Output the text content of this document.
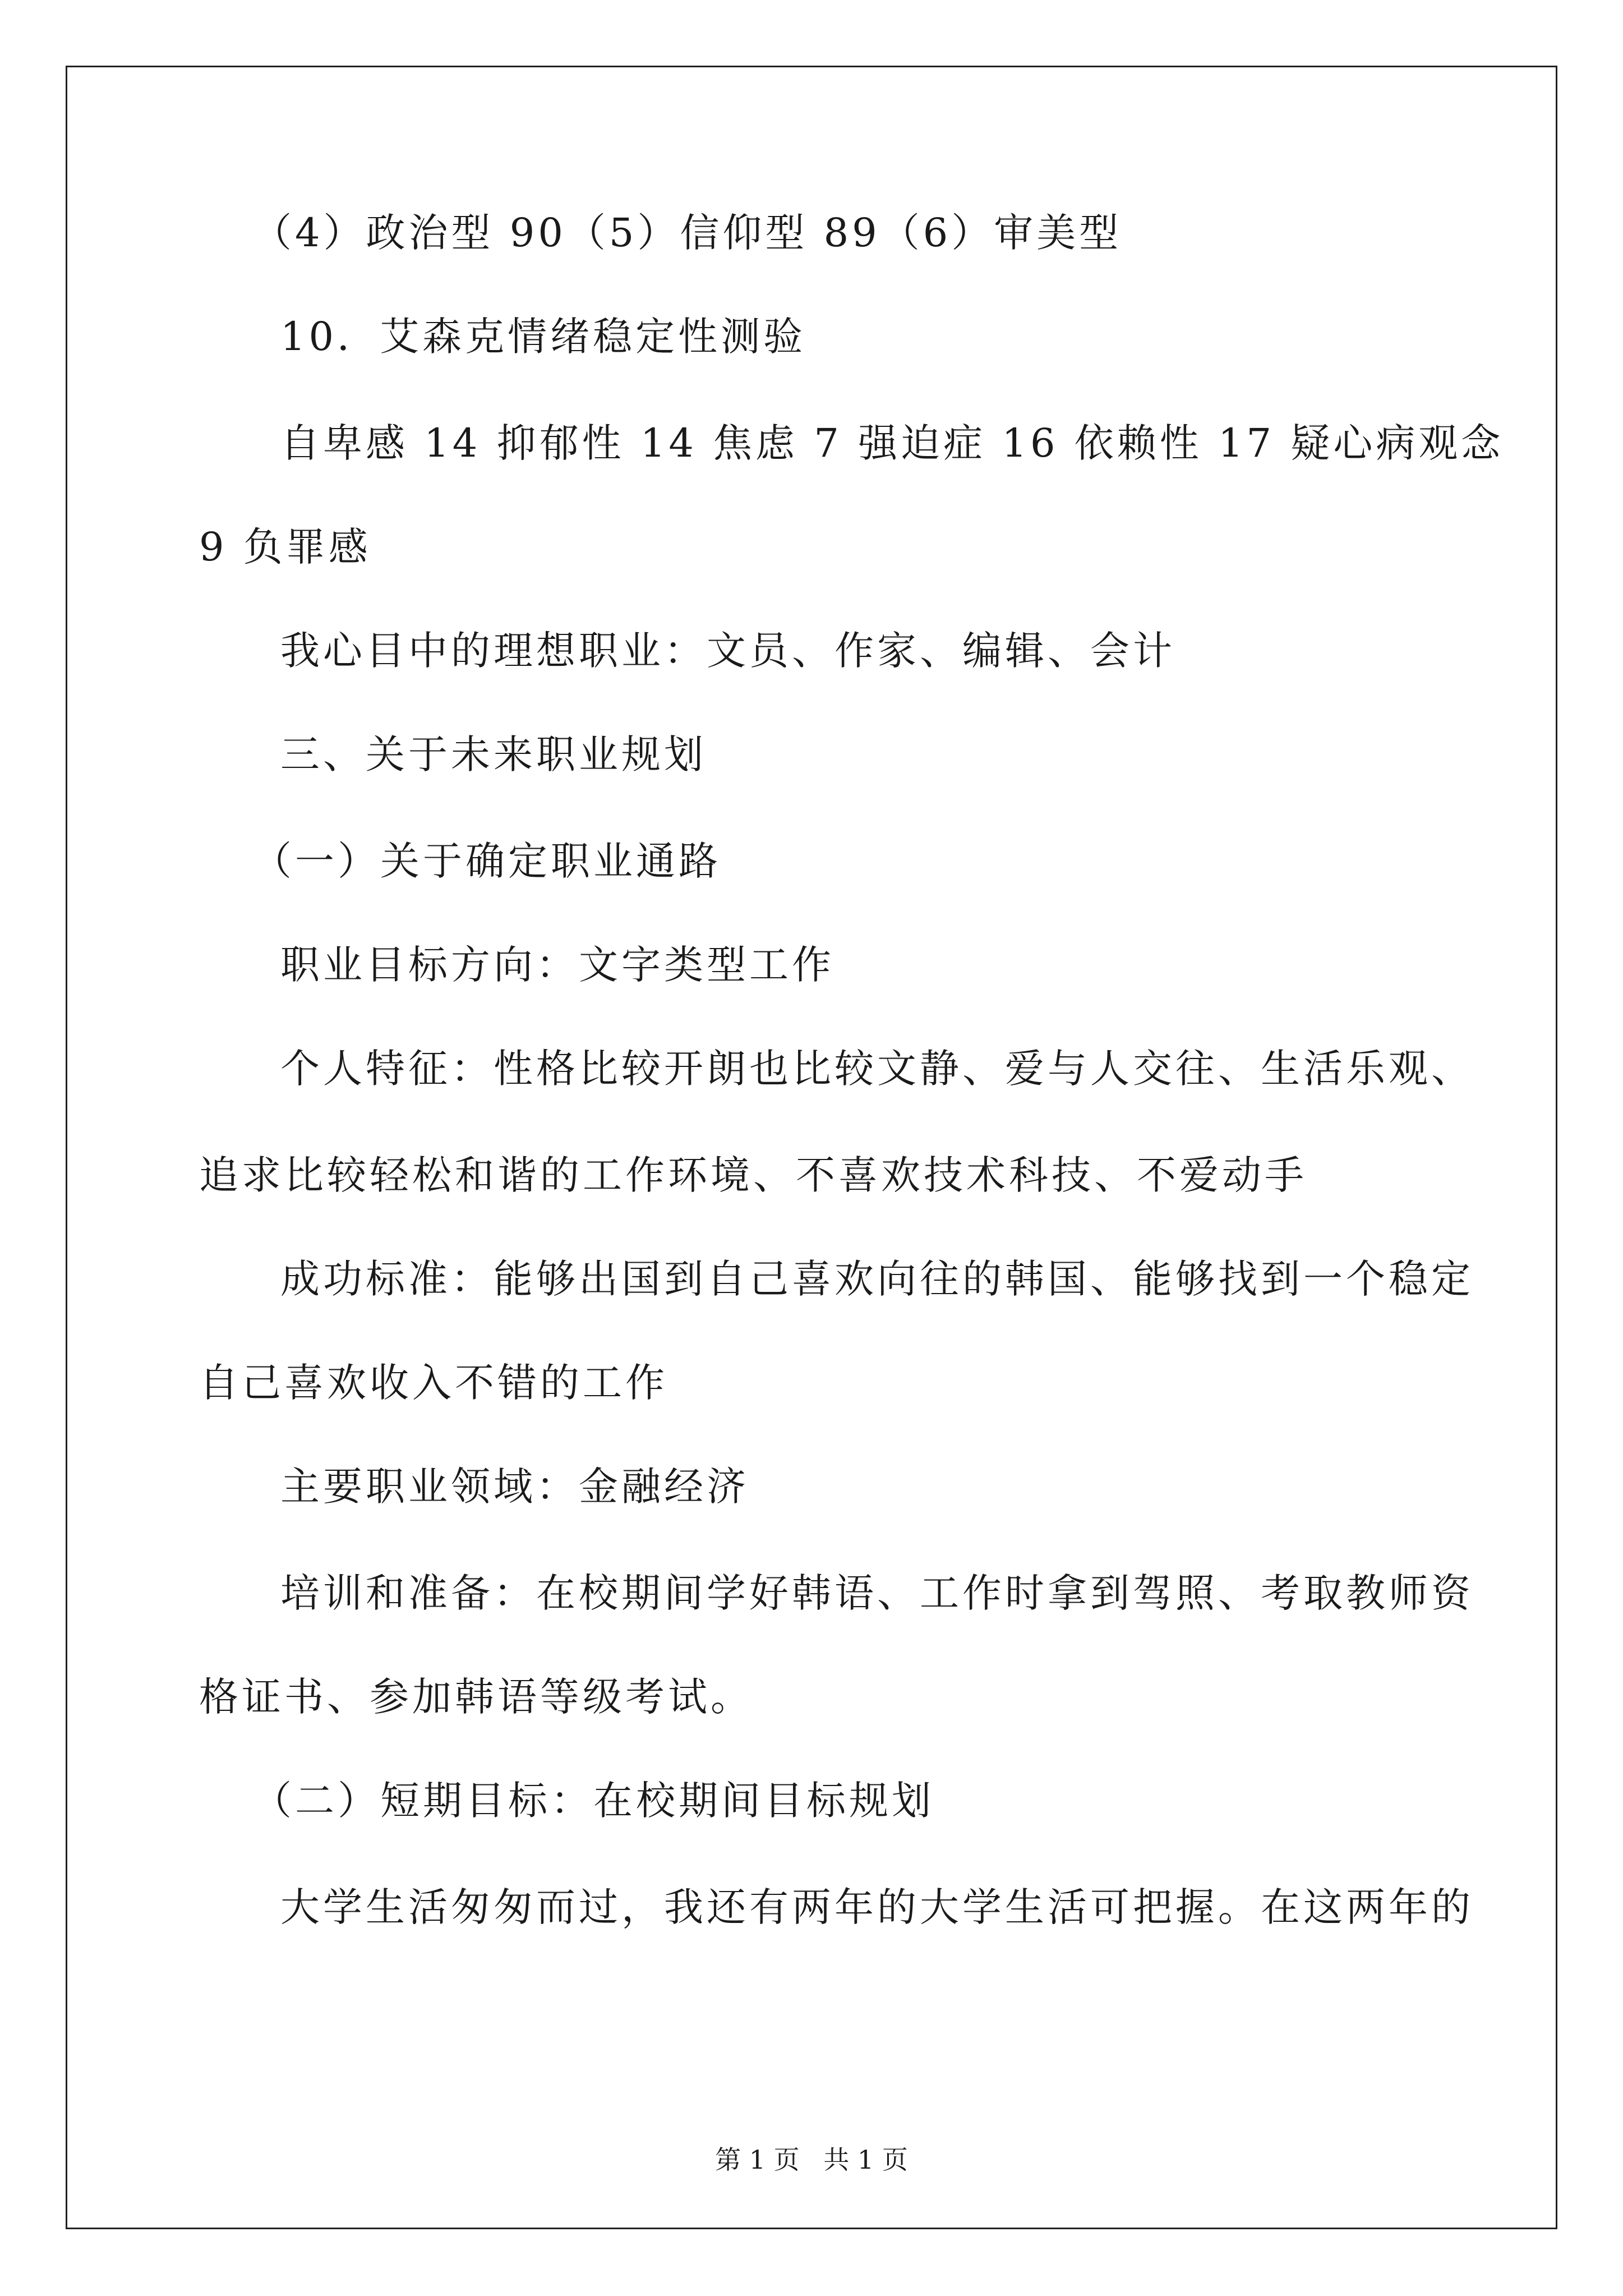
（4）政治型 90（5）信仰型 89（6）审美型
10．艾森克情绪稳定性测验
自卑感 14 抑郁性 14 焦虑 7 强迫症 16 依赖性 17 疑心病观念
9 负罪感
我心目中的理想职业：文员、作家、编辑、会计
三、关于未来职业规划
（一）关于确定职业通路
职业目标方向：文字类型工作
个人特征：性格比较开朗也比较文静、爱与人交往、生活乐观、
追求比较轻松和谐的工作环境、不喜欢技术科技、不爱动手
成功标准：能够出国到自己喜欢向往的韩国、能够找到一个稳定
自己喜欢收入不错的工作
主要职业领域：金融经济
培训和准备：在校期间学好韩语、工作时拿到驾照、考取教师资
格证书、参加韩语等级考试。
（二）短期目标：在校期间目标规划
大学生活匆匆而过，我还有两年的大学生活可把握。在这两年的
第 1 页 共 1 页
